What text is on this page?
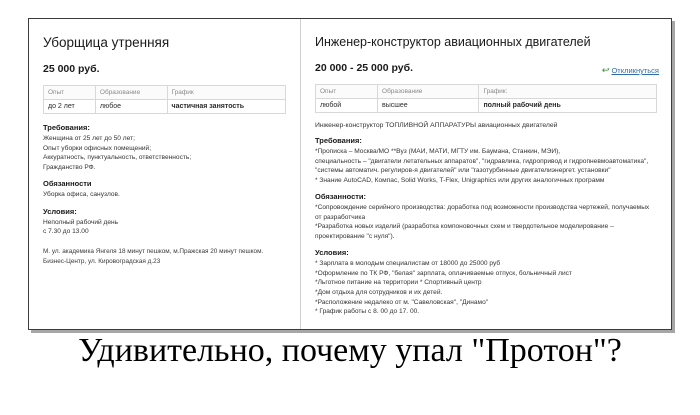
Уборщица утренняя
25 000 руб.
Опыт	Образование	График
до 2 лет	любое	частичная занятость
Требования:
Женщина от 25 лет до 50 лет;
Опыт уборки офисных помещений;
Аккуратность, пунктуальность, ответственность;
Гражданство РФ.
Обязанности
Уборка офиса, санузлов.
Условия:
Неполный рабочий день
с 7.30 до 13.00
М. ул. академика Янгеля 18 минут пешком, м.Пражская 20 минут пешком.
Бизнес-Центр, ул. Кировоградская д.23
Инженер-конструктор авиационных двигателей
20 000 - 25 000 руб.	↩ Откликнуться
Опыт	Образование	График:
любой	высшее	полный рабочий день
Инженер-конструктор ТОПЛИВНОЙ АППАРАТУРЫ авиационных двигателей
Требования:
*Прописка – Москва/МО **Вуз (МАИ, МАТИ, МГТУ им. Баумана, Станкин, МЭИ),
специальность – "двигатели летательных аппаратов", "гидравлика, гидропривод и гидропневмоавтоматика",
"системы автоматич. регулиров-я двигателей" или "газотурбинные двигателиэнергет. установки"
* Знание AutoCAD, Компас, Solid Works, T-Flex, Unigraphics или других аналогичных программ
Обязанности:
*Сопровождение серийного производства: доработка под возможности производства чертежей, получаемых
от разработчика
*Разработка новых изделий (разработка компоновочных схем и твердотельное моделирование –
проектирование "с нуля").
Условия:
* Зарплата в молодым специалистам от 18000 до 25000 руб
*Оформление по ТК РФ, "белая" зарплата, оплачиваемые отпуск, больничный лист
*Льготное питание на территории * Спортивный центр
*Дом отдыха для сотрудников и их детей.
*Расположение недалеко от м. "Савеловская", "Динамо"
* График работы с 8. 00 до 17. 00.
Удивительно, почему упал "Протон"?
